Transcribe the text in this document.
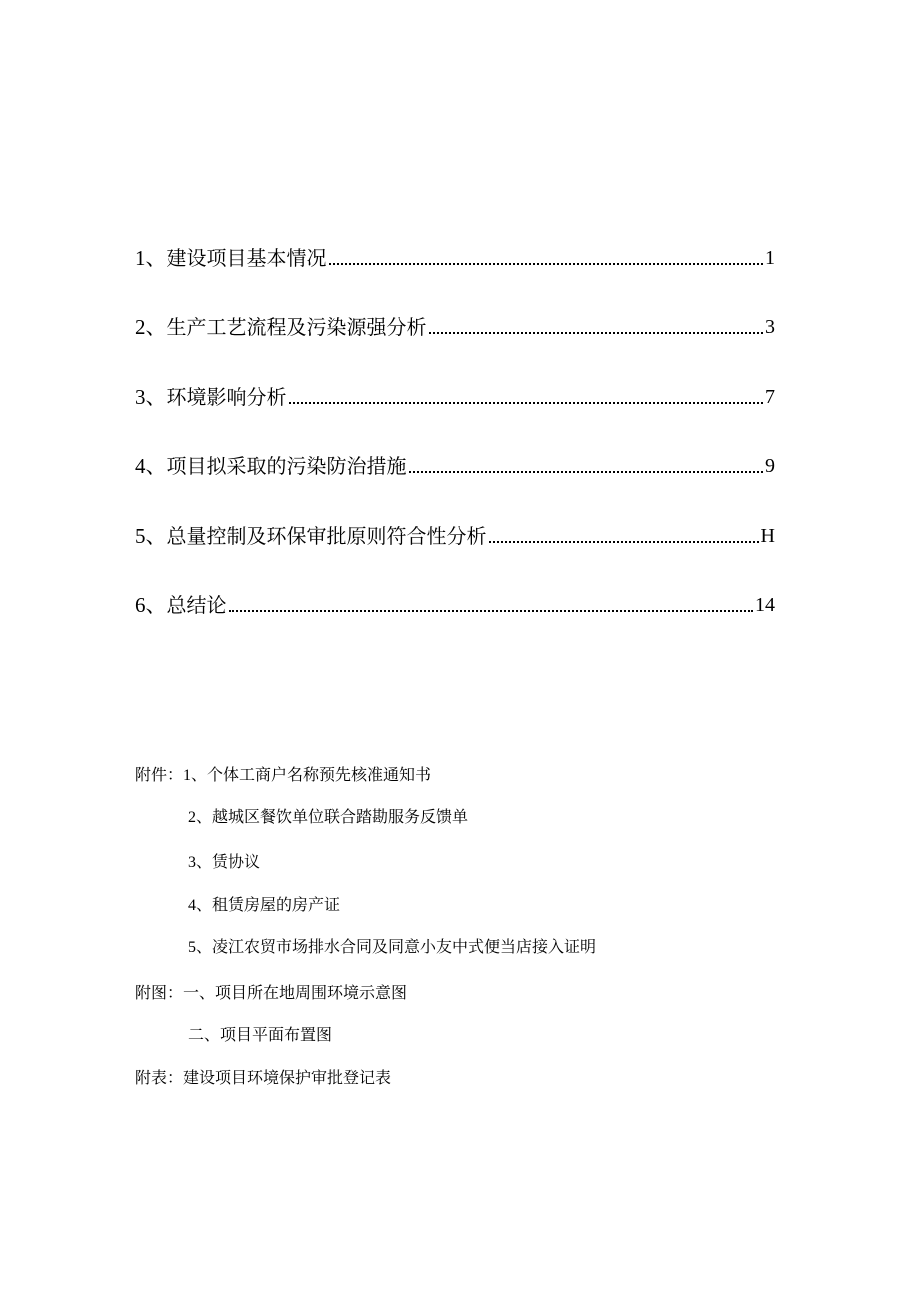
1、 建设项目基本情况	1
2、 生产工艺流程及污染源强分析	3
3、 环境影响分析	7
4、 项目拟采取的污染防治措施	9
5、 总量控制及环保审批原则符合性分析	H
6、 总结论	14
附件：1、个体工商户名称预先核准通知书
2、越城区餐饮单位联合踏勘服务反馈单
3、赁协议
4、租赁房屋的房产证
5、凌江农贸市场排水合同及同意小友中式便当店接入证明
附图：一、项目所在地周围环境示意图
二、项目平面布置图
附表：建设项目环境保护审批登记表
